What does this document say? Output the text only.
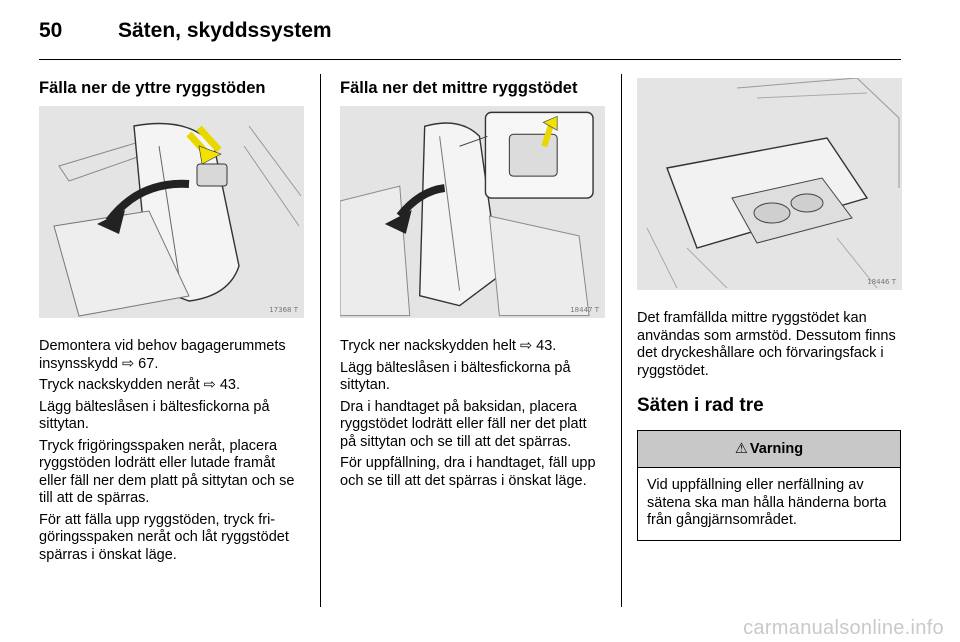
50	Säten, skyddssystem
Fälla ner de yttre ryggstöden
17368 T

Demontera vid behov bagagerummets insynsskydd ⇨ 67.

Tryck nackskydden neråt ⇨ 43.

Lägg bälteslåsen i bältesfickorna på sittytan.

Tryck frigöringsspaken neråt, placera ryggstöden lodrätt eller lutade framåt eller fäll ner dem platt på sittytan och se till att de spärras.

För att fälla upp ryggstöden, tryck frigöringsspaken neråt och låt ryggstödet spärras i önskat läge.

Fälla ner det mittre ryggstödet
18447 T

Tryck ner nackskydden helt ⇨ 43.

Lägg bälteslåsen i bältesfickorna på sittytan.

Dra i handtaget på baksidan, placera ryggstödet lodrätt eller fäll ner det platt på sittytan och se till att det spärras.

För uppfällning, dra i handtaget, fäll upp och se till att det spärras i önskat läge.

18446 T

Det framfällda mittre ryggstödet kan användas som armstöd. Dessutom finns det dryckeshållare och förvaringsfack i ryggstödet.

Säten i rad tre
⚠ Varning
Vid uppfällning eller nerfällning av sätena ska man hålla händerna borta från gångjärnsområdet.
carmanualsonline.info
